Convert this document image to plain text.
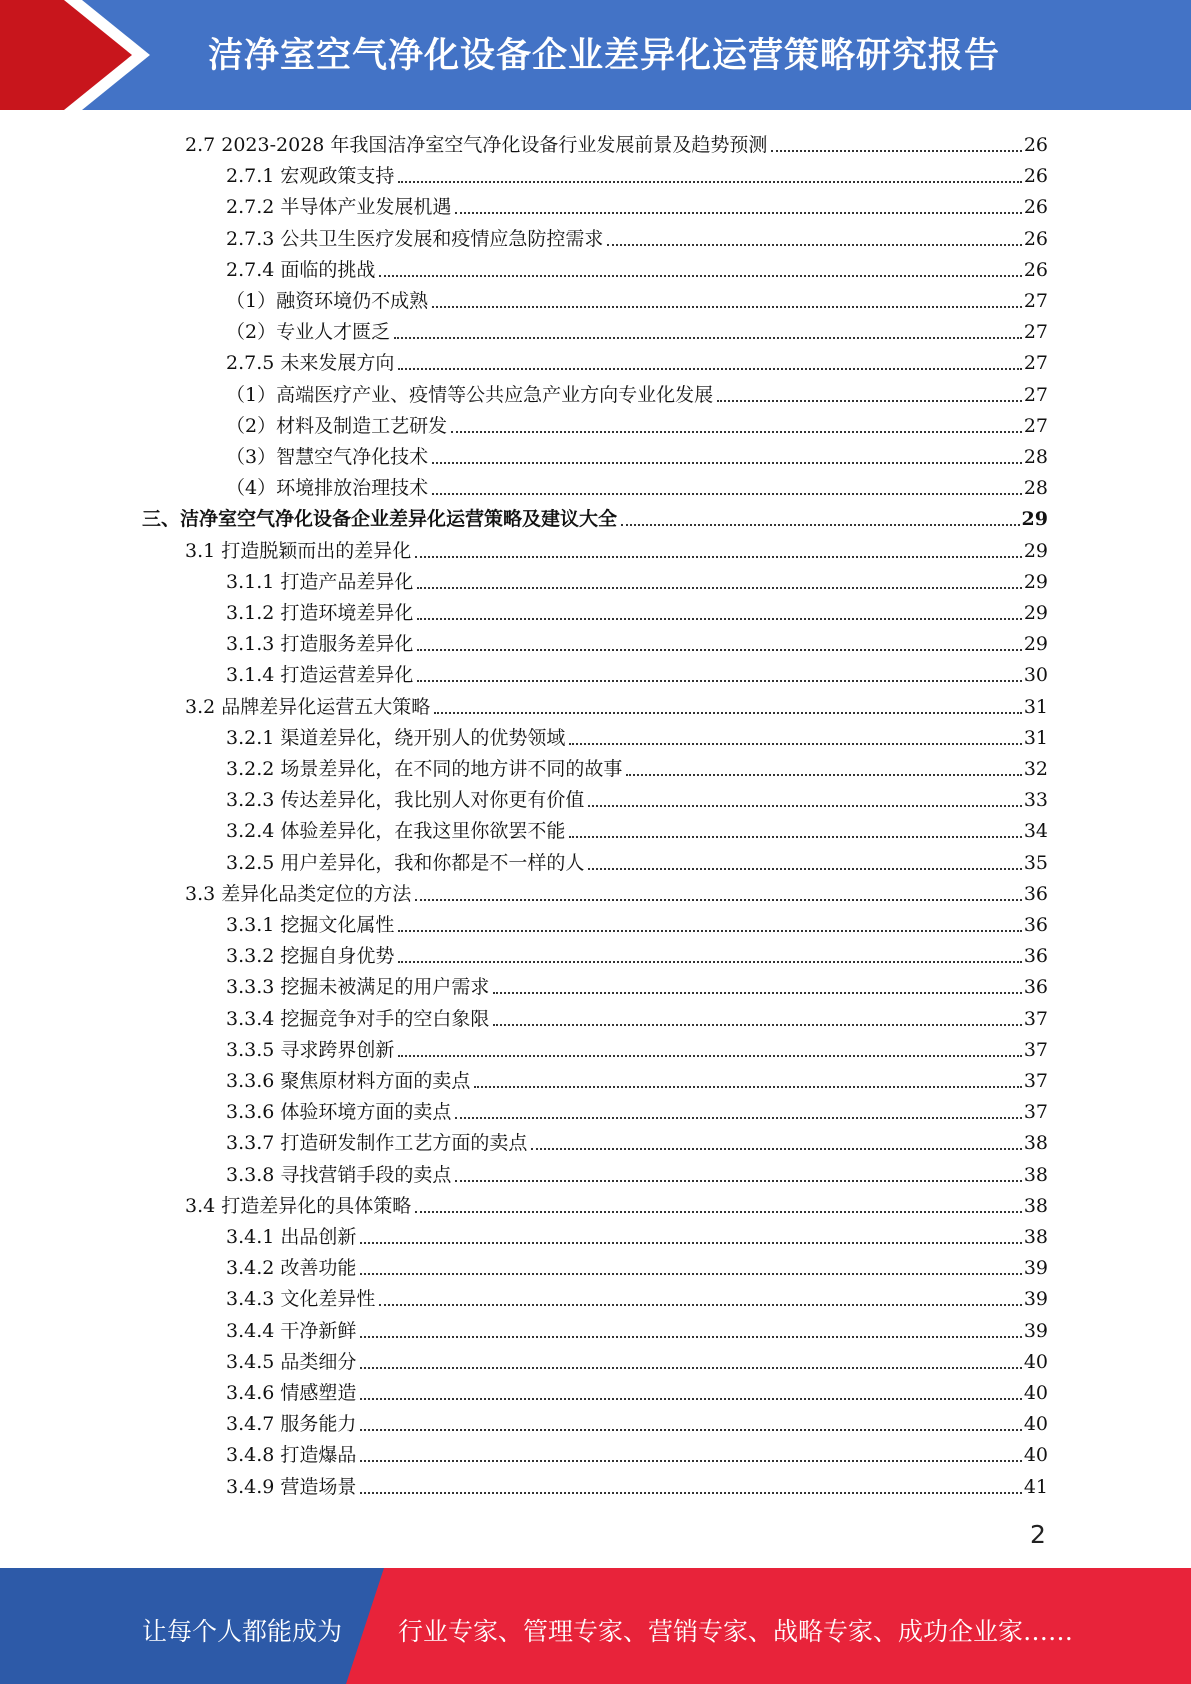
洁净室空气净化设备企业差异化运营策略研究报告
2.7 2023-2028 年我国洁净室空气净化设备行业发展前景及趋势预测	26
2.7.1 宏观政策支持	26
2.7.2 半导体产业发展机遇	26
2.7.3 公共卫生医疗发展和疫情应急防控需求	26
2.7.4 面临的挑战	26
（1）融资环境仍不成熟	27
（2）专业人才匮乏	27
2.7.5 未来发展方向	27
（1）高端医疗产业、疫情等公共应急产业方向专业化发展	27
（2）材料及制造工艺研发	27
（3）智慧空气净化技术	28
（4）环境排放治理技术	28
三、洁净室空气净化设备企业差异化运营策略及建议大全	29
3.1 打造脱颖而出的差异化	29
3.1.1 打造产品差异化	29
3.1.2 打造环境差异化	29
3.1.3 打造服务差异化	29
3.1.4 打造运营差异化	30
3.2 品牌差异化运营五大策略	31
3.2.1 渠道差异化，绕开别人的优势领域	31
3.2.2 场景差异化，在不同的地方讲不同的故事	32
3.2.3 传达差异化，我比别人对你更有价值	33
3.2.4 体验差异化，在我这里你欲罢不能	34
3.2.5 用户差异化，我和你都是不一样的人	35
3.3 差异化品类定位的方法	36
3.3.1 挖掘文化属性	36
3.3.2 挖掘自身优势	36
3.3.3 挖掘未被满足的用户需求	36
3.3.4 挖掘竞争对手的空白象限	37
3.3.5 寻求跨界创新	37
3.3.6 聚焦原材料方面的卖点	37
3.3.6 体验环境方面的卖点	37
3.3.7 打造研发制作工艺方面的卖点	38
3.3.8 寻找营销手段的卖点	38
3.4 打造差异化的具体策略	38
3.4.1 出品创新	38
3.4.2 改善功能	39
3.4.3 文化差异性	39
3.4.4 干净新鲜	39
3.4.5 品类细分	40
3.4.6 情感塑造	40
3.4.7 服务能力	40
3.4.8 打造爆品	40
3.4.9 营造场景	41
2
让每个人都能成为 行业专家、管理专家、营销专家、战略专家、成功企业家……
